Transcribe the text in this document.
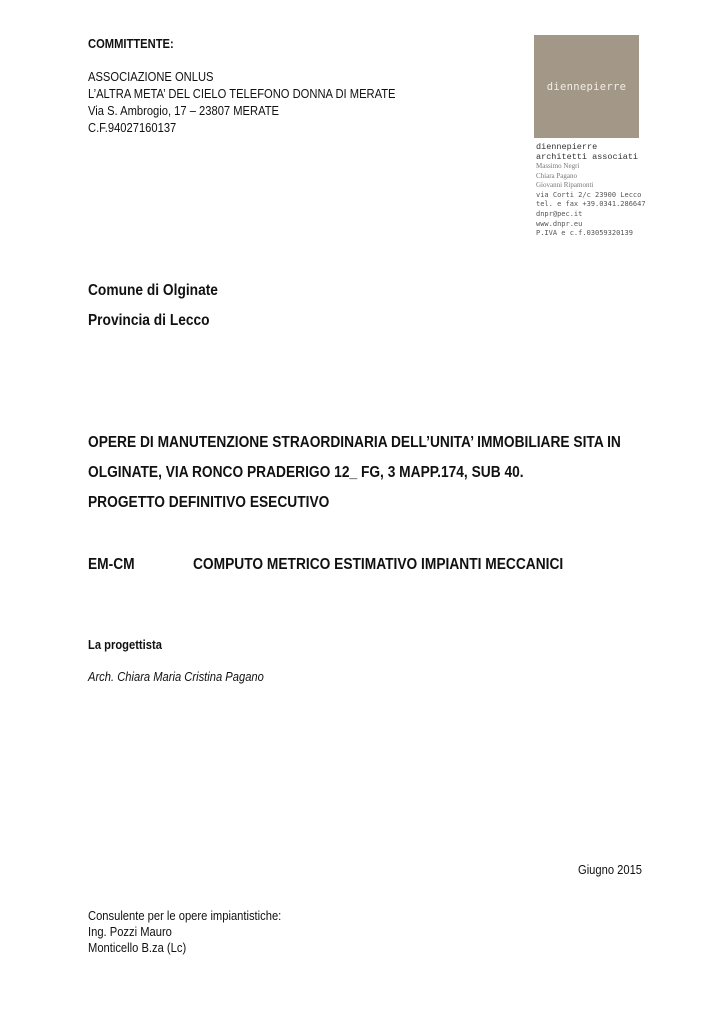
COMMITTENTE:
ASSOCIAZIONE ONLUS
L’ALTRA META’ DEL CIELO TELEFONO DONNA DI MERATE
Via S. Ambrogio, 17 – 23807 MERATE
C.F.94027160137
diennepierre
diennepierre
architetti associati
Massimo Negri
Chiara Pagano
Giovanni Ripamonti
via Corti 2/c 23900 Lecco
tel. e fax +39.0341.286647
dnpr@pec.it
www.dnpr.eu
P.IVA e c.f.03059320139
Comune di Olginate
Provincia di Lecco
OPERE DI MANUTENZIONE STRAORDINARIA DELL’UNITA’ IMMOBILIARE SITA IN
OLGINATE, VIA RONCO PRADERIGO 12_ FG, 3 MAPP.174, SUB 40.
PROGETTO DEFINITIVO ESECUTIVO
EM-CM	COMPUTO METRICO ESTIMATIVO IMPIANTI MECCANICI
La progettista
Arch. Chiara Maria Cristina Pagano
Giugno 2015
Consulente per le opere impiantistiche:
Ing. Pozzi Mauro
Monticello B.za (Lc)
